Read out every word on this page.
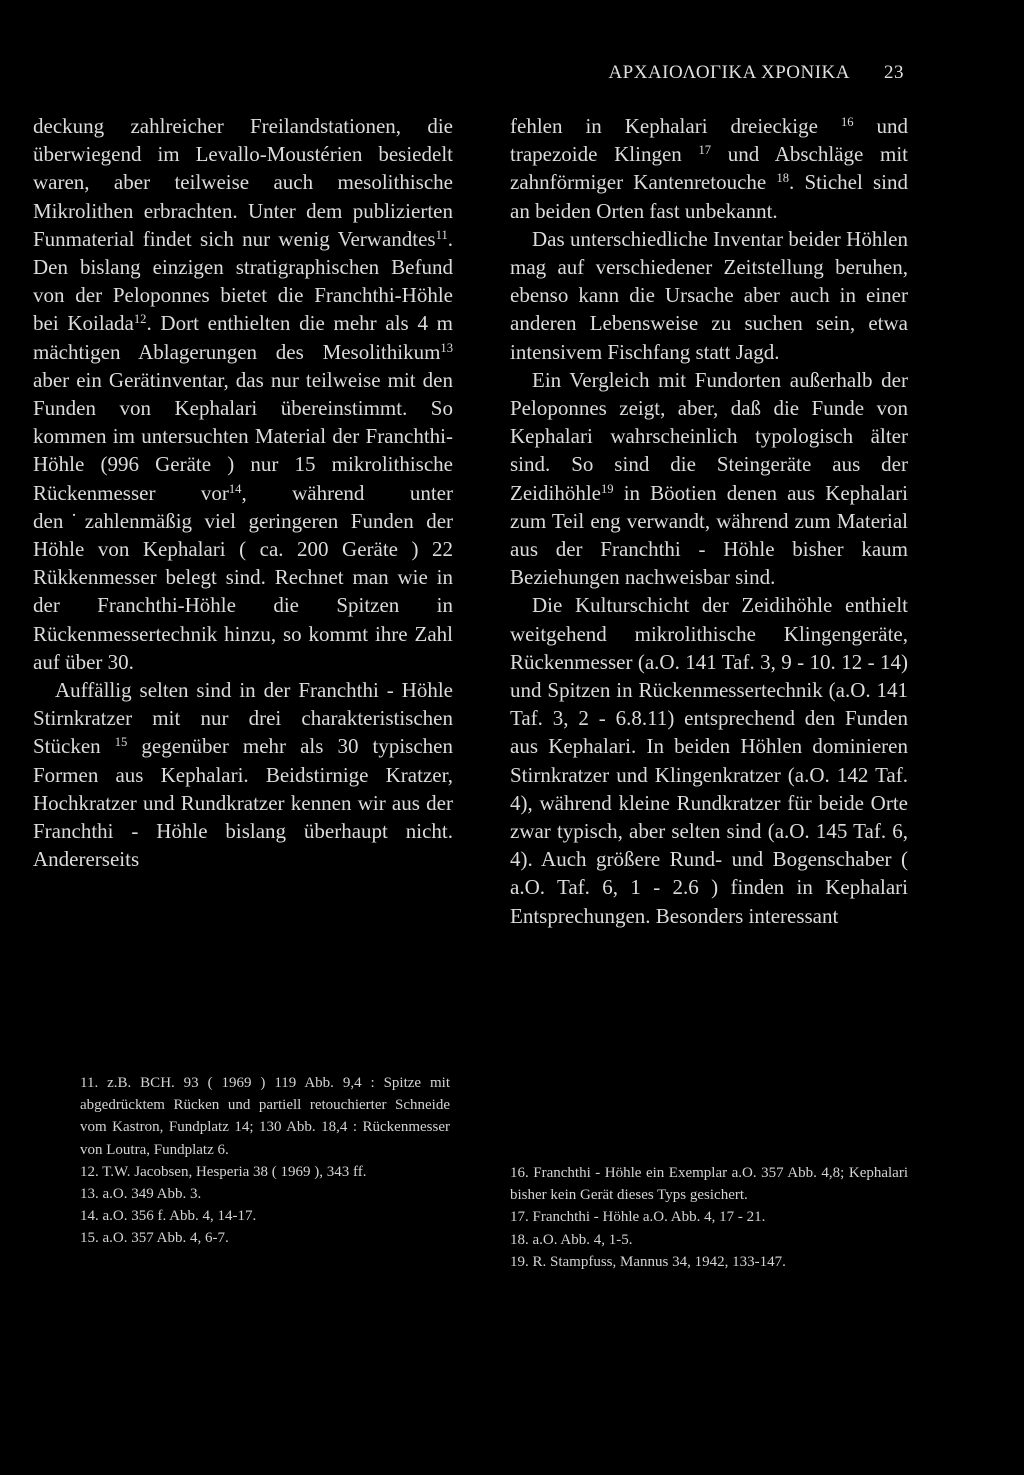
ΑΡΧΑΙΟΛΟΓΙΚΑ ΧΡΟΝΙΚΑ 23

deckung zahlreicher Freilandstationen, die überwiegend im Levallo-Moustérien besiedelt waren, aber teilweise auch mesolithische Mikrolithen erbrachten. Unter dem publizierten Funmaterial findet sich nur wenig Verwandtes$^{11}$. Den bislang einzigen stratigraphischen Befund von der Peloponnes bietet die Franchthi-Höhle bei Koilada$^{12}$. Dort enthielten die mehr als 4 m mächtigen Ablagerungen des Mesolithikum$^{13}$ aber ein Gerätinventar, das nur teilweise mit den Funden von Kephalari übereinstimmt. So kommen im untersuchten Material der Franchthi-Höhle (996 Geräte ) nur 15 mikrolithische Rückenmesser vor$^{14}$, während unter den˙zahlenmäßig viel geringeren Funden der Höhle von Kephalari ( ca. 200 Geräte ) 22 Rükkenmesser belegt sind. Rechnet man wie in der Franchthi-Höhle die Spitzen in Rückenmessertechnik hinzu, so kommt ihre Zahl auf über 30.

Auffällig selten sind in der Franchthi - Höhle Stirnkratzer mit nur drei charakteristischen Stücken $^{15}$ gegenüber mehr als 30 typischen Formen aus Kephalari. Beidstirnige Kratzer, Hochkratzer und Rundkratzer kennen wir aus der Franchthi - Höhle bislang überhaupt nicht. Andererseits

fehlen in Kephalari dreieckige $^{16}$ und trapezoide Klingen $^{17}$ und Abschläge mit zahnförmiger Kantenretouche $^{18}$. Stichel sind an beiden Orten fast unbekannt.

Das unterschiedliche Inventar beider Höhlen mag auf verschiedener Zeitstellung beruhen, ebenso kann die Ursache aber auch in einer anderen Lebensweise zu suchen sein, etwa intensivem Fischfang statt Jagd.

Ein Vergleich mit Fundorten außerhalb der Peloponnes zeigt, aber, daß die Funde von Kephalari wahrscheinlich typologisch älter sind. So sind die Steingeräte aus der Zeidihöhle$^{19}$ in Böotien denen aus Kephalari zum Teil eng verwandt, während zum Material aus der Franchthi - Höhle bisher kaum Beziehungen nachweisbar sind.

Die Kulturschicht der Zeidihöhle enthielt weitgehend mikrolithische Klingengeräte, Rückenmesser (a.O. 141 Taf. 3, 9 - 10. 12 - 14) und Spitzen in Rückenmessertechnik (a.O. 141 Taf. 3, 2 - 6.8.11) entsprechend den Funden aus Kephalari. In beiden Höhlen dominieren Stirnkratzer und Klingenkratzer (a.O. 142 Taf. 4), während kleine Rundkratzer für beide Orte zwar typisch, aber selten sind (a.O. 145 Taf. 6, 4). Auch größere Rund- und Bogenschaber ( a.O. Taf. 6, 1 - 2.6 ) finden in Kephalari Entsprechungen. Besonders interessant

11. z.B. BCH. 93 ( 1969 ) 119 Abb. 9,4 : Spitze mit abgedrücktem Rücken und partiell retouchierter Schneide vom Kastron, Fundplatz 14; 130 Abb. 18,4 : Rückenmesser von Loutra, Fundplatz 6.

12. T.W. Jacobsen, Hesperia 38 ( 1969 ), 343 ff.

13. a.O. 349 Abb. 3.

14. a.O. 356 f. Abb. 4, 14-17.

15. a.O. 357 Abb. 4, 6-7.

16. Franchthi - Höhle ein Exemplar a.O. 357 Abb. 4,8; Kephalari bisher kein Gerät dieses Typs gesichert.

17. Franchthi - Höhle a.O. Abb. 4, 17 - 21.

18. a.O. Abb. 4, 1-5.

19. R. Stampfuss, Mannus 34, 1942, 133-147.
